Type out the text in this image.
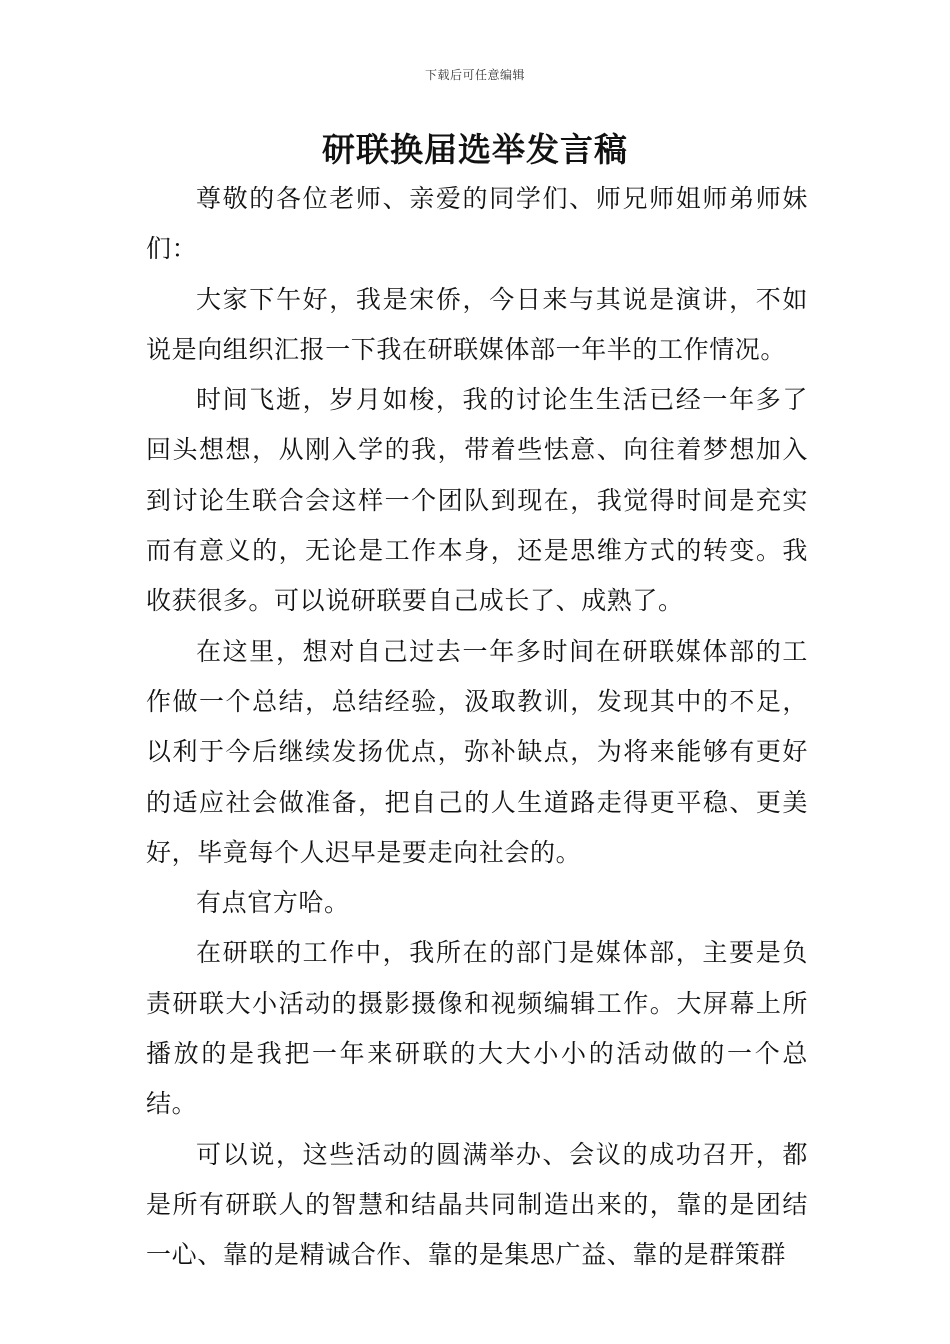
下载后可任意编辑
研联换届选举发言稿

尊敬的各位老师、亲爱的同学们、师兄师姐师弟师妹们：

大家下午好，我是宋侨，今日来与其说是演讲，不如说是向组织汇报一下我在研联媒体部一年半的工作情况。

时间飞逝，岁月如梭，我的讨论生生活已经一年多了回头想想，从刚入学的我，带着些怯意、向往着梦想加入到讨论生联合会这样一个团队到现在，我觉得时间是充实而有意义的，无论是工作本身，还是思维方式的转变。我收获很多。可以说研联要自己成长了、成熟了。

在这里，想对自己过去一年多时间在研联媒体部的工作做一个总结，总结经验，汲取教训，发现其中的不足，以利于今后继续发扬优点，弥补缺点，为将来能够有更好的适应社会做准备，把自己的人生道路走得更平稳、更美好，毕竟每个人迟早是要走向社会的。

有点官方哈。

在研联的工作中，我所在的部门是媒体部，主要是负责研联大小活动的摄影摄像和视频编辑工作。大屏幕上所播放的是我把一年来研联的大大小小的活动做的一个总结。

可以说，这些活动的圆满举办、会议的成功召开，都是所有研联人的智慧和结晶共同制造出来的，靠的是团结一心、靠的是精诚合作、靠的是集思广益、靠的是群策群
